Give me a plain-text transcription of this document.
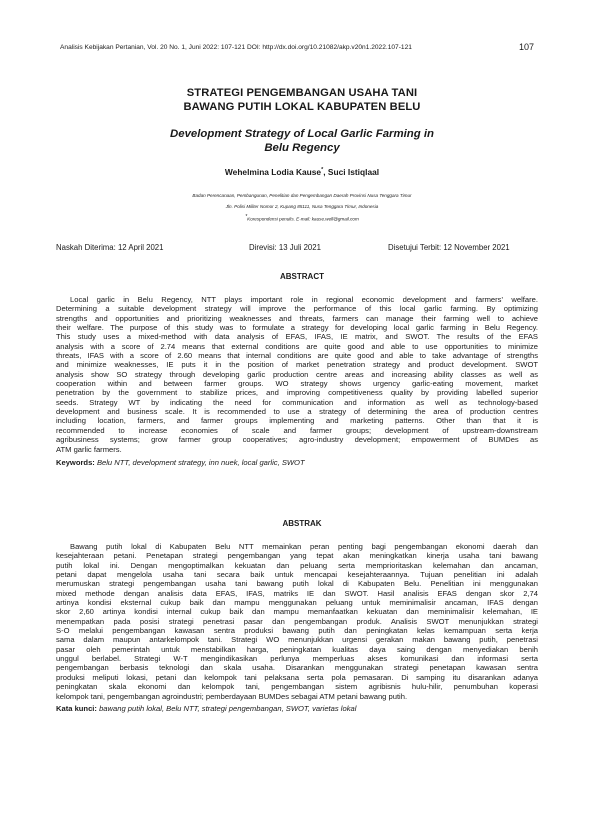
Analisis Kebijakan Pertanian, Vol. 20 No. 1, Juni 2022: 107-121 DOI: http://dx.doi.org/10.21082/akp.v20n1.2022.107-121	107
STRATEGI PENGEMBANGAN USAHA TANI
BAWANG PUTIH LOKAL KABUPATEN BELU
Development Strategy of Local Garlic Farming in
Belu Regency
Wehelmina Lodia Kause*, Suci Istiqlaal
Badan Perencanaan, Pembangunan, Penelitian dan Pengembangan Daerah Provinsi Nusa Tenggara Timur
Jln. Polisi Militer Nomor 2, Kupang 85111, Nusa Tenggara Timur, Indonesia
*Korespondensi penulis. E-mail: kause.well@gmail.com
Naskah Diterima: 12 April 2021	Direvisi: 13 Juli 2021	Disetujui Terbit: 12 November 2021
ABSTRACT
Local garlic in Belu Regency, NTT plays important role in regional economic development and farmers' welfare.
Determining a suitable development strategy will improve the performance of this local garlic farming. By optimizing
strengths and opportunities and prioritizing weaknesses and threats, farmers can manage their farming well to achieve
their welfare. The purpose of this study was to formulate a strategy for developing local garlic farming in Belu Regency.
This study uses a mixed-method with data analysis of EFAS, IFAS, IE matrix, and SWOT. The results of the EFAS
analysis with a score of 2.74 means that external conditions are quite good and able to use opportunities to minimize
threats, IFAS with a score of 2.60 means that internal conditions are quite good and able to take advantage of strengths
and minimize weaknesses, IE puts it in the position of market penetration strategy and product development. SWOT
analysis show SO strategy through developing garlic production centre areas and increasing ability classes as well as
cooperation within and between farmer groups. WO strategy shows urgency garlic-eating movement, market
penetration by the government to stabilize prices, and improving competitiveness quality by providing labelled superior
seeds. Strategy WT by indicating the need for communication and information as well as technology-based
development and business scale. It is recommended to use a strategy of determining the area of production centres
including location, farmers, and farmer groups implementing and marketing patterns. Other than that it is
recommended to increase economies of scale and farmer groups; development of upstream-downstream
agribusiness systems; grow farmer group cooperatives; agro-industry development; empowerment of BUMDes as
ATM garlic farmers.
Keywords: Belu NTT, development strategy, inn nuek, local garlic, SWOT
ABSTRAK
Bawang putih lokal di Kabupaten Belu NTT memainkan peran penting bagi pengembangan ekonomi daerah dan
kesejahteraan petani. Penetapan strategi pengembangan yang tepat akan meningkatkan kinerja usaha tani bawang
putih lokal ini. Dengan mengoptimalkan kekuatan dan peluang serta memprioritaskan kelemahan dan ancaman,
petani dapat mengelola usaha tani secara baik untuk mencapai kesejahteraannya. Tujuan penelitian ini adalah
merumuskan strategi pengembangan usaha tani bawang putih lokal di Kabupaten Belu. Penelitian ini menggunakan
mixed methode dengan analisis data EFAS, IFAS, matriks IE dan SWOT. Hasil analisis EFAS dengan skor 2,74
artinya kondisi eksternal cukup baik dan mampu menggunakan peluang untuk meminimalisir ancaman, IFAS dengan
skor 2,60 artinya kondisi internal cukup baik dan mampu memanfaatkan kekuatan dan meminimalisir kelemahan, IE
menempatkan pada posisi strategi penetrasi pasar dan pengembangan produk. Analisis SWOT menunjukkan strategi
S-O melalui pengembangan kawasan sentra produksi bawang putih dan peningkatan kelas kemampuan serta kerja
sama dalam maupun antarkelompok tani. Strategi WO menunjukkan urgensi gerakan makan bawang putih, penetrasi
pasar oleh pemerintah untuk menstabilkan harga, peningkatan kualitas daya saing dengan menyediakan benih
unggul berlabel. Strategi W-T mengindikasikan perlunya memperluas akses komunikasi dan informasi serta
pengembangan berbasis teknologi dan skala usaha. Disarankan menggunakan strategi penetapan kawasan sentra
produksi meliputi lokasi, petani dan kelompok tani pelaksana serta pola pemasaran. Di samping itu disarankan adanya
peningkatan skala ekonomi dan kelompok tani, pengembangan sistem agribisnis hulu-hilir, penumbuhan koperasi
kelompok tani, pengembangan agroindustri; pemberdayaan BUMDes sebagai ATM petani bawang putih.
Kata kunci: bawang putih lokal, Belu NTT, strategi pengembangan, SWOT, varietas lokal
